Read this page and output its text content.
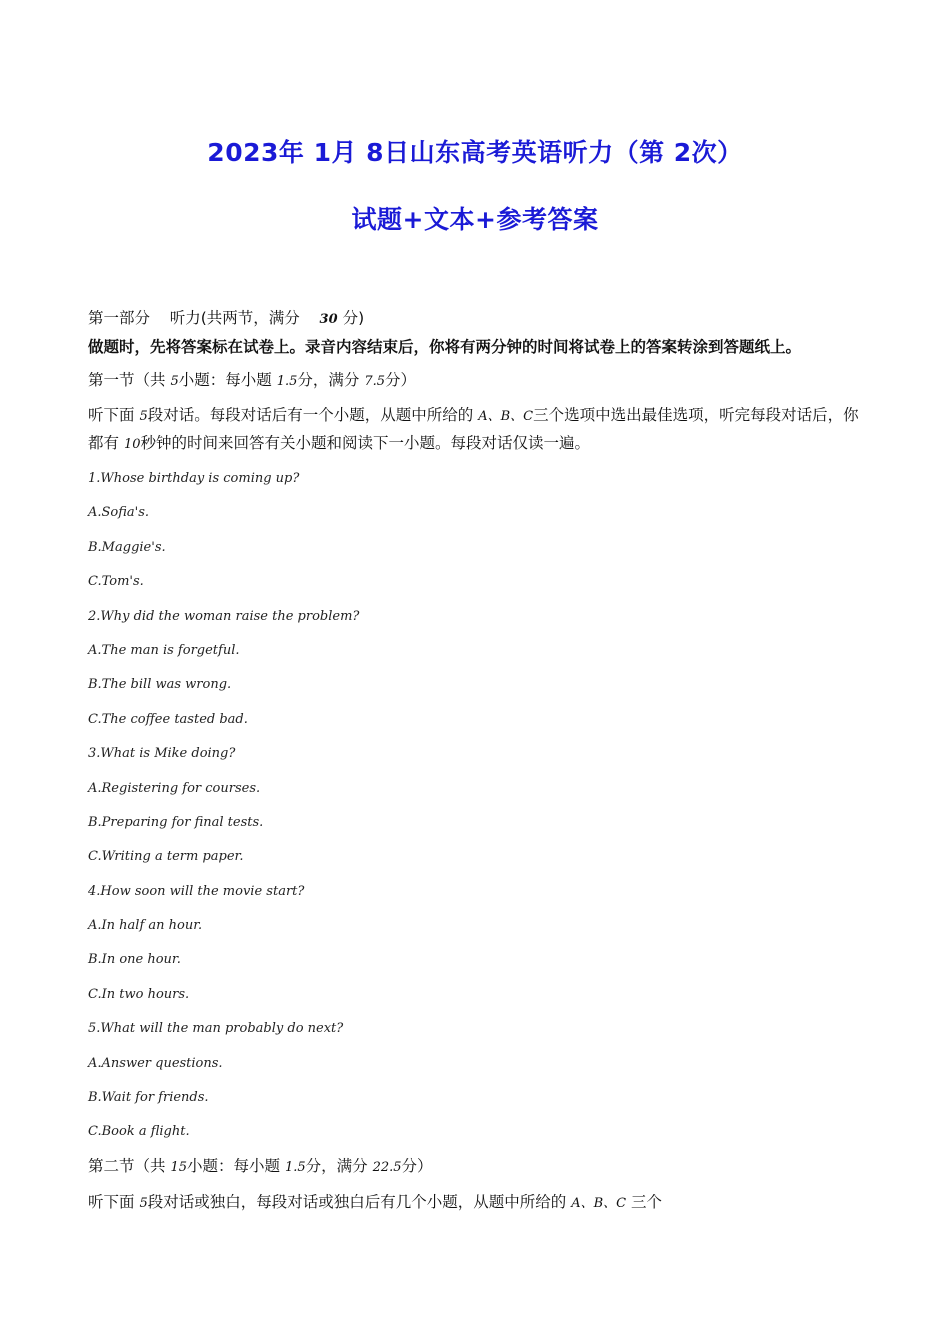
2023年 1月 8日山东高考英语听力（第 2次）
试题+文本+参考答案

第一部分 听力(共两节，满分 30 分)

做题时，先将答案标在试卷上。录音内容结束后，你将有两分钟的时间将试卷上的答案转涂到答题纸上。

第一节（共 5小题：每小题 1.5分，满分 7.5分）

听下面 5段对话。每段对话后有一个小题，从题中所给的 A、B、C三个选项中选出最佳选项，听完每段对话后，你都有 10秒钟的时间来回答有关小题和阅读下一小题。每段对话仅读一遍。

1.Whose birthday is coming up?

A.Sofia's.

B.Maggie's.

C.Tom's.

2.Why did the woman raise the problem?

A.The man is forgetful.

B.The bill was wrong.

C.The coffee tasted bad.

3.What is Mike doing?

A.Registering for courses.

B.Preparing for final tests.

C.Writing a term paper.

4.How soon will the movie start?

A.In half an hour.

B.In one hour.

C.In two hours.

5.What will the man probably do next?

A.Answer questions.

B.Wait for friends.

C.Book a flight.

第二节（共 15小题：每小题 1.5分，满分 22.5分）

听下面 5段对话或独白，每段对话或独白后有几个小题，从题中所给的 A、B、C 三个
